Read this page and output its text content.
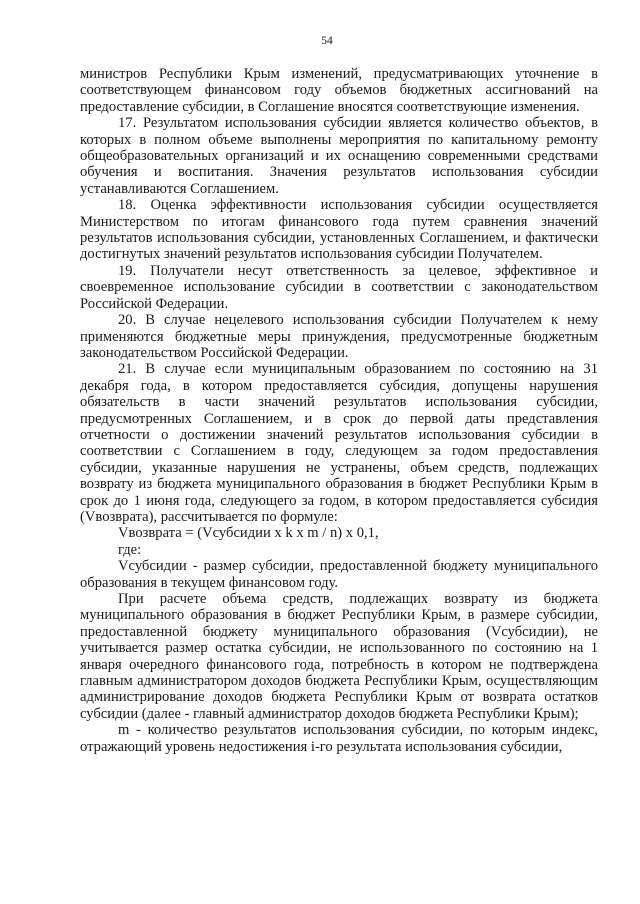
54

министров Республики Крым изменений, предусматривающих уточнение в соответствующем финансовом году объемов бюджетных ассигнований на предоставление субсидии, в Соглашение вносятся соответствующие изменения.

17. Результатом использования субсидии является количество объектов, в которых в полном объеме выполнены мероприятия по капитальному ремонту общеобразовательных организаций и их оснащению современными средствами обучения и воспитания. Значения результатов использования субсидии устанавливаются Соглашением.

18. Оценка эффективности использования субсидии осуществляется Министерством по итогам финансового года путем сравнения значений результатов использования субсидии, установленных Соглашением, и фактически достигнутых значений результатов использования субсидии Получателем.

19. Получатели несут ответственность за целевое, эффективное и своевременное использование субсидии в соответствии с законодательством Российской Федерации.

20. В случае нецелевого использования субсидии Получателем к нему применяются бюджетные меры принуждения, предусмотренные бюджетным законодательством Российской Федерации.

21. В случае если муниципальным образованием по состоянию на 31 декабря года, в котором предоставляется субсидия, допущены нарушения обязательств в части значений результатов использования субсидии, предусмотренных Соглашением, и в срок до первой даты представления отчетности о достижении значений результатов использования субсидии в соответствии с Соглашением в году, следующем за годом предоставления субсидии, указанные нарушения не устранены, объем средств, подлежащих возврату из бюджета муниципального образования в бюджет Республики Крым в срок до 1 июня года, следующего за годом, в котором предоставляется субсидия (Vвозврата), рассчитывается по формуле:

Vвозврата = (Vсубсидии x k x m / n) x 0,1,

где:

Vсубсидии - размер субсидии, предоставленной бюджету муниципального образования в текущем финансовом году.

При расчете объема средств, подлежащих возврату из бюджета муниципального образования в бюджет Республики Крым, в размере субсидии, предоставленной бюджету муниципального образования (Vсубсидии), не учитывается размер остатка субсидии, не использованного по состоянию на 1 января очередного финансового года, потребность в котором не подтверждена главным администратором доходов бюджета Республики Крым, осуществляющим администрирование доходов бюджета Республики Крым от возврата остатков субсидии (далее - главный администратор доходов бюджета Республики Крым);

m - количество результатов использования субсидии, по которым индекс, отражающий уровень недостижения i-го результата использования субсидии,
